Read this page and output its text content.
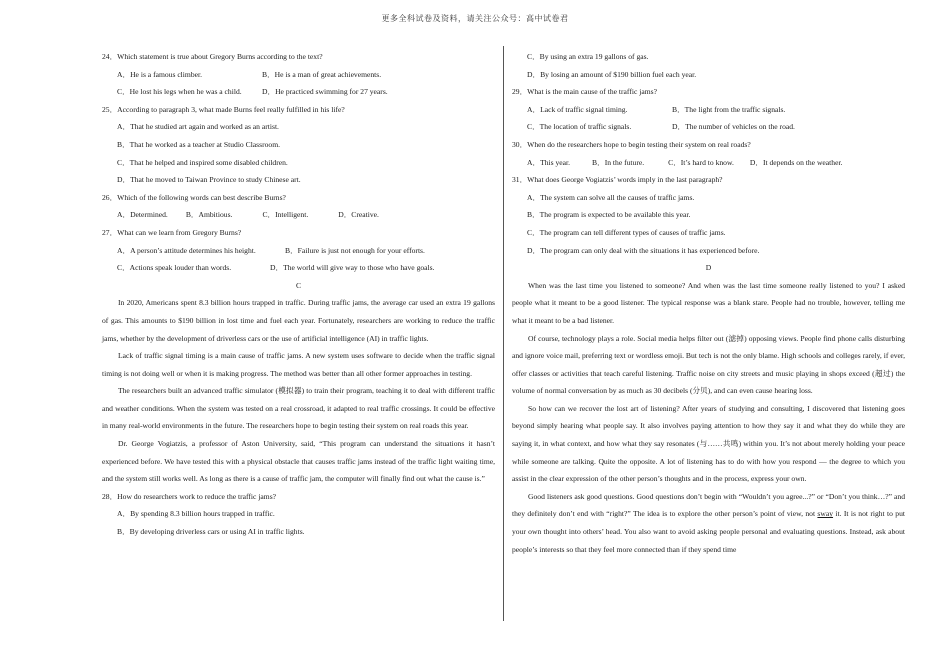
更多全科试卷及资料，请关注公众号：高中试卷君
24．Which statement is true about Gregory Burns according to the text?
A．He is a famous climber.	B．He is a man of great achievements.
C．He lost his legs when he was a child.	D．He practiced swimming for 27 years.
25．According to paragraph 3, what made Burns feel really fulfilled in his life?
A．That he studied art again and worked as an artist.
B．That he worked as a teacher at Studio Classroom.
C．That he helped and inspired some disabled children.
D．That he moved to Taiwan Province to study Chinese art.
26．Which of the following words can best describe Burns?
A．Determined. B．Ambitious.	C．Intelligent.	D．Creative.
27．What can we learn from Gregory Burns?
A．A person’s attitude determines his height.	B．Failure is just not enough for your efforts.
C．Actions speak louder than words.	D．The world will give way to those who have goals.
C
In 2020, Americans spent 8.3 billion hours trapped in traffic. During traffic jams, the average car used an extra 19 gallons of gas. This amounts to $190 billion in lost time and fuel each year. Fortunately, researchers are working to reduce the traffic jams, whether by the development of driverless cars or the use of artificial intelligence (AI) in traffic lights.
Lack of traffic signal timing is a main cause of traffic jams. A new system uses software to decide when the traffic signal timing is not doing well or when it is making progress. The method was better than all other former approaches in testing.
The researchers built an advanced traffic simulator (模拟器) to train their program, teaching it to deal with different traffic and weather conditions. When the system was tested on a real crossroad, it adapted to real traffic crossings. It could be effective in many real-world environments in the future. The researchers hope to begin testing their system on real roads this year.
Dr. George Vogiatzis, a professor of Aston University, said, “This program can understand the situations it hasn’t experienced before. We have tested this with a physical obstacle that causes traffic jams instead of the traffic light waiting time, and the system still works well. As long as there is a cause of traffic jam, the computer will finally find out what the cause is.”
28．How do researchers work to reduce the traffic jams?
A．By spending 8.3 billion hours trapped in traffic.
B．By developing driverless cars or using AI in traffic lights.
C．By using an extra 19 gallons of gas.
D．By losing an amount of $190 billion fuel each year.
29．What is the main cause of the traffic jams?
A．Lack of traffic signal timing.	B．The light from the traffic signals.
C．The location of traffic signals.	D．The number of vehicles on the road.
30．When do the researchers hope to begin testing their system on real roads?
A．This year.	B．In the future.	C．It’s hard to know. D．It depends on the weather.
31．What does George Vogiatzis’ words imply in the last paragraph?
A．The system can solve all the causes of traffic jams.
B．The program is expected to be available this year.
C．The program can tell different types of causes of traffic jams.
D．The program can only deal with the situations it has experienced before.
D
When was the last time you listened to someone? And when was the last time someone really listened to you? I asked people what it meant to be a good listener. The typical response was a blank stare. People had no trouble, however, telling me what it meant to be a bad listener.
Of course, technology plays a role. Social media helps filter out (滤掉) opposing views. People find phone calls disturbing and ignore voice mail, preferring text or wordless emoji. But tech is not the only blame. High schools and colleges rarely, if ever, offer classes or activities that teach careful listening. Traffic noise on city streets and music playing in shops exceed (超过) the volume of normal conversation by as much as 30 decibels (分贝), and can even cause hearing loss.
So how can we recover the lost art of listening? After years of studying and consulting, I discovered that listening goes beyond simply hearing what people say. It also involves paying attention to how they say it and what they do while they are saying it, in what context, and how what they say resonates (与……共鸣) within you. It’s not about merely holding your peace while someone are talking. Quite the opposite. A lot of listening has to do with how you respond — the degree to which you assist in the clear expression of the other person’s thoughts and in the process, express your own.
Good listeners ask good questions. Good questions don’t begin with “Wouldn’t you agree...?” or “Don’t you think…?” and they definitely don’t end with “right?” The idea is to explore the other person’s point of view, not sway it. It is not right to put your own thought into others’ head. You also want to avoid asking people personal and evaluating questions. Instead, ask about people’s interests so that they feel more connected than if they spend time
